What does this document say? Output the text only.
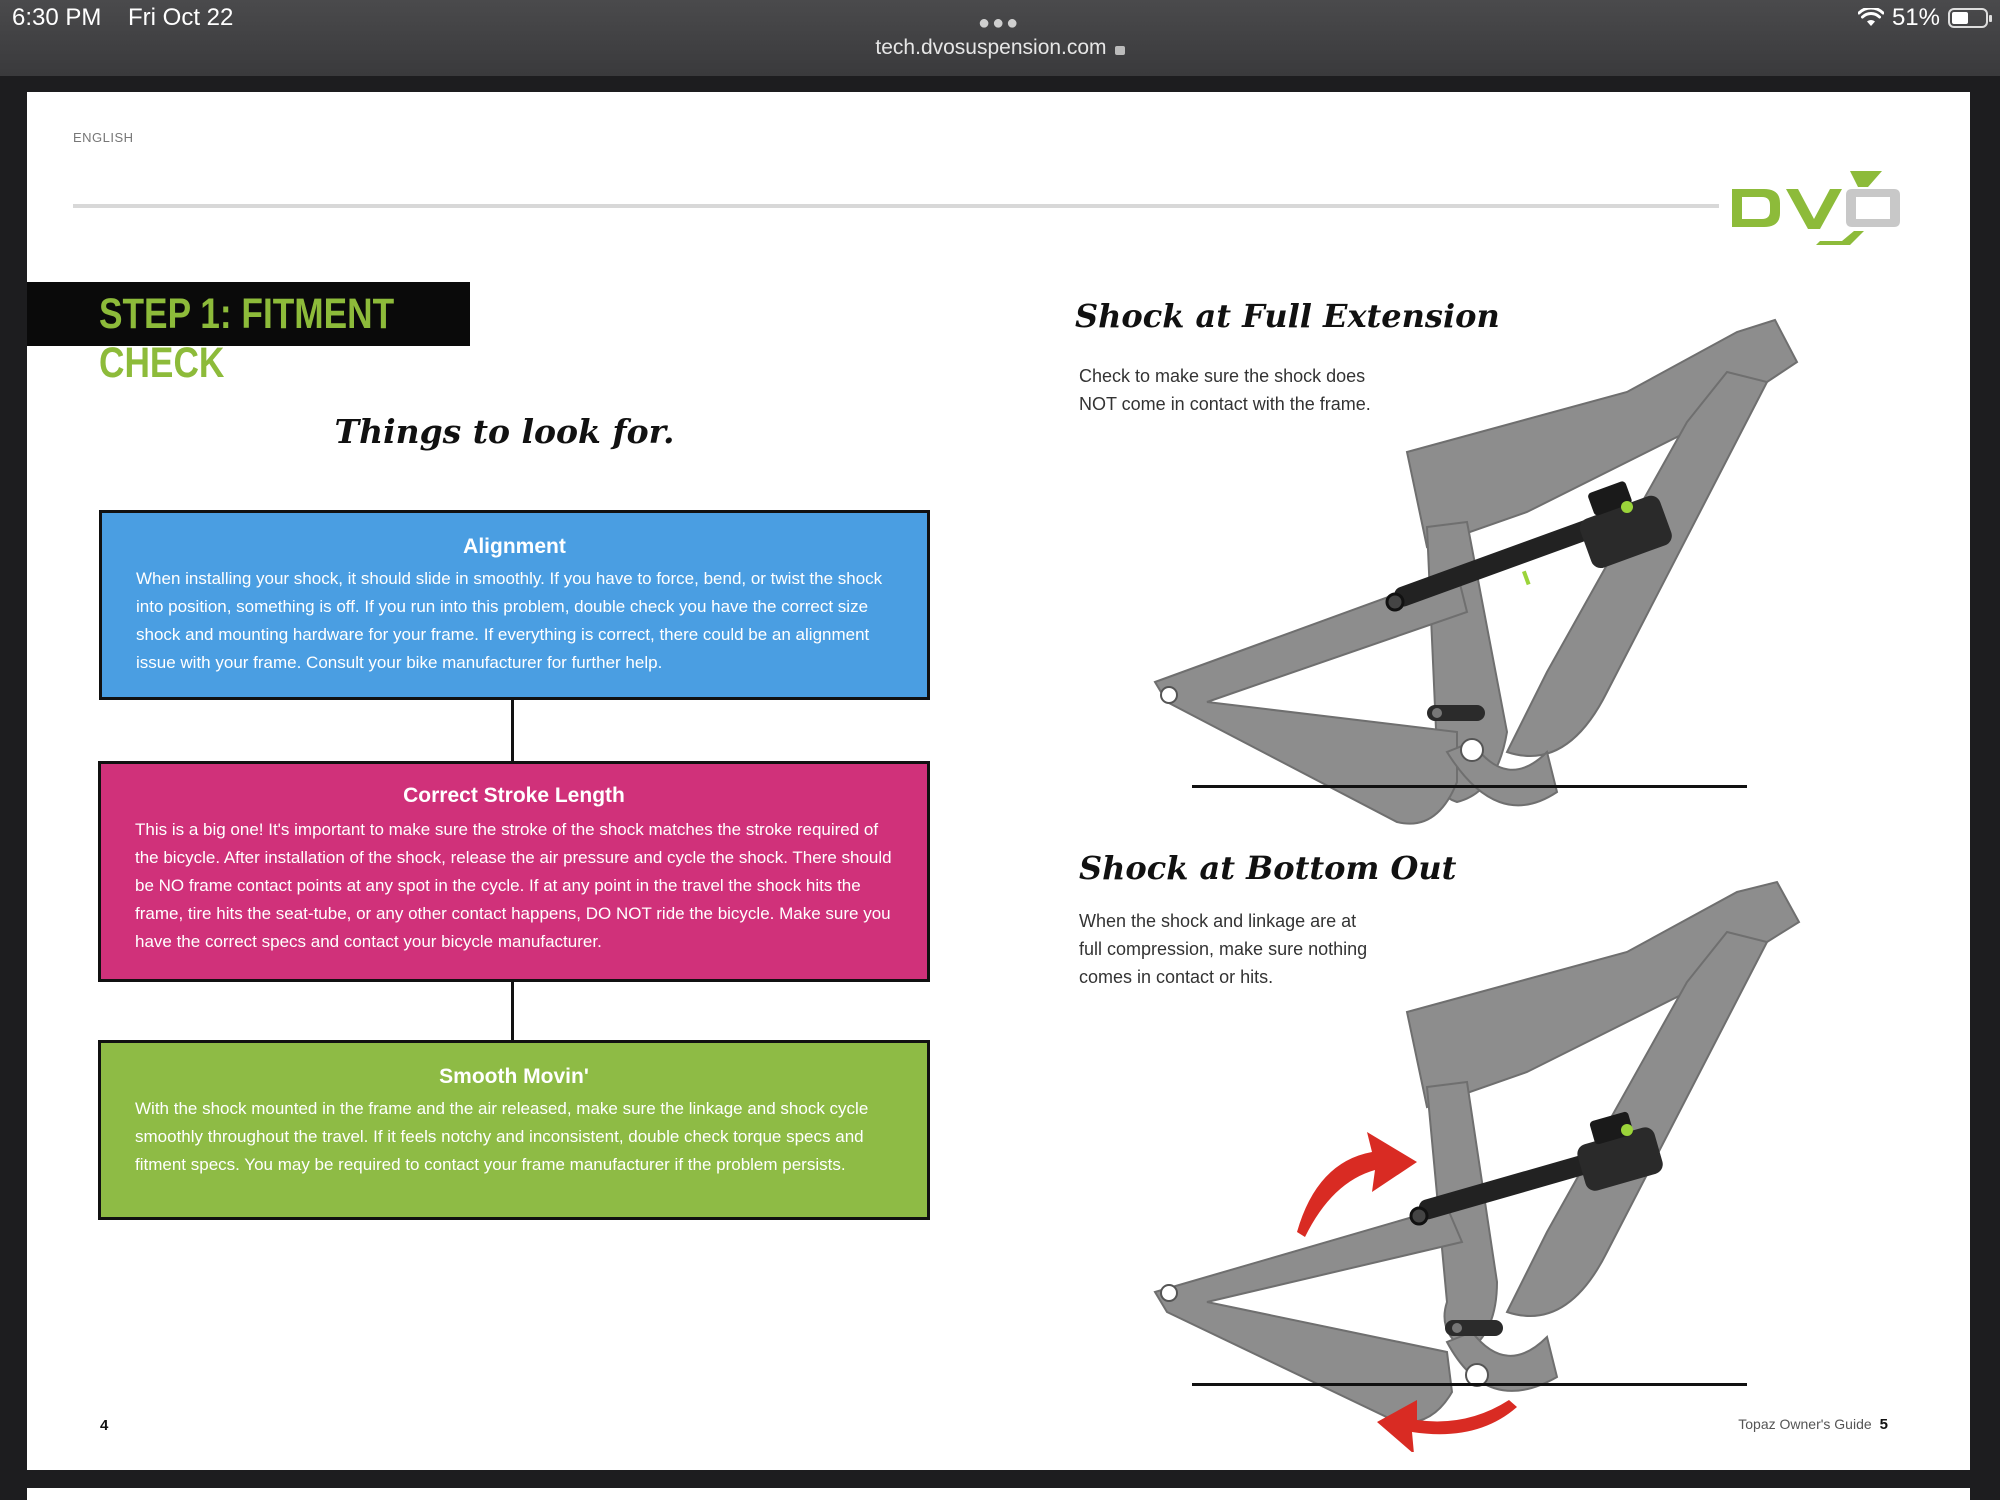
6:30 PM Fri Oct 22	●●●
tech.dvosuspension.com
51%
ENGLISH
STEP 1: FITMENT CHECK
Things to look for.
Alignment

When installing your shock, it should slide in smoothly. If you have to force, bend, or twist the shock into position, something is off. If you run into this problem, double check you have the correct size shock and mounting hardware for your frame. If everything is correct, there could be an alignment issue with your frame. Consult your bike manufacturer for further help.

Correct Stroke Length

This is a big one! It's important to make sure the stroke of the shock matches the stroke required of the bicycle. After installation of the shock, release the air pressure and cycle the shock. There should be NO frame contact points at any spot in the cycle. If at any point in the travel the shock hits the frame, tire hits the seat-tube, or any other contact happens, DO NOT ride the bicycle. Make sure you have the correct specs and contact your bicycle manufacturer.

Smooth Movin'

With the shock mounted in the frame and the air released, make sure the linkage and shock cycle smoothly throughout the travel. If it feels notchy and inconsistent, double check torque specs and fitment specs. You may be required to contact your frame manufacturer if the problem persists.

Shock at Full Extension
Check to make sure the shock does NOT come in contact with the frame.
Shock at Bottom Out
When the shock and linkage are at full compression, make sure nothing comes in contact or hits.
4	Topaz Owner's Guide 5
